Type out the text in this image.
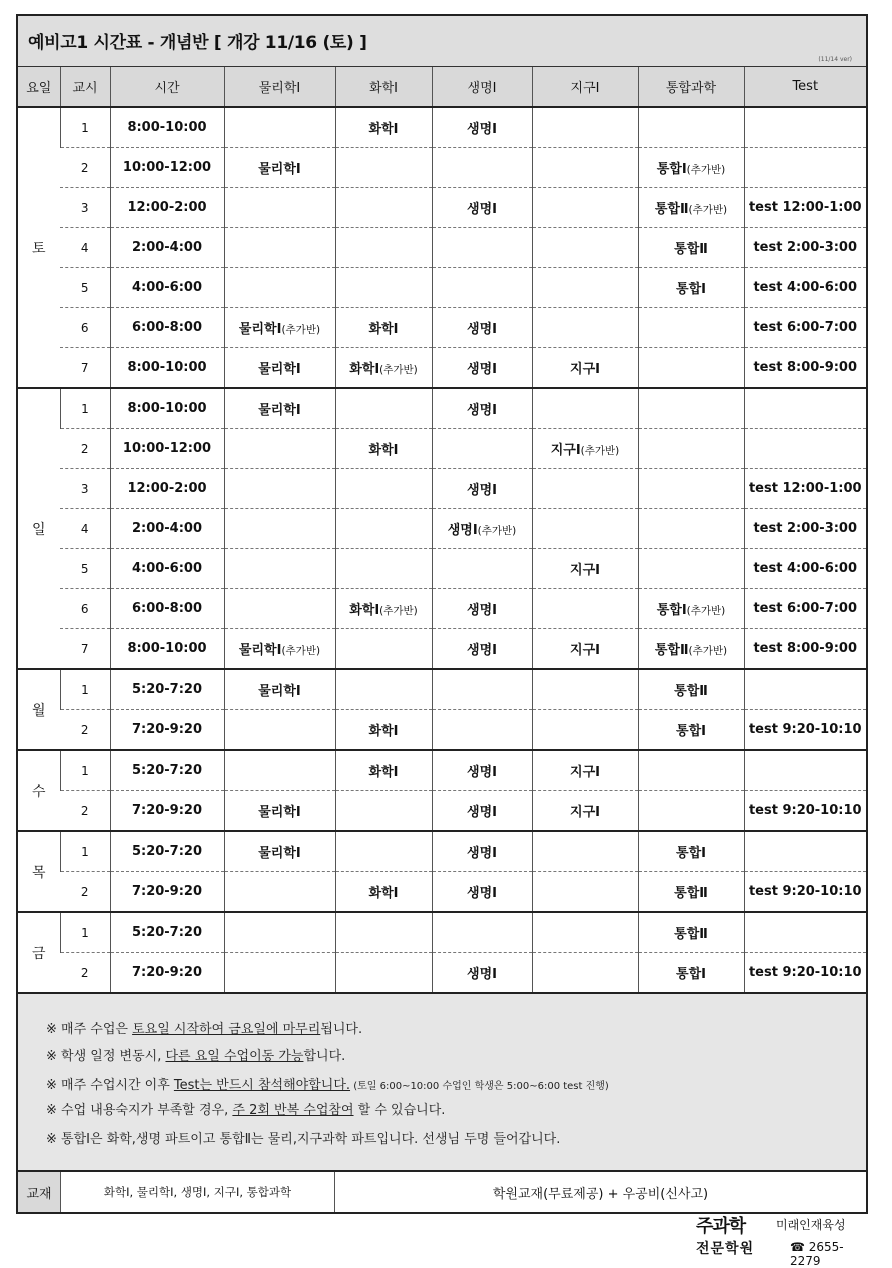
예비고1 시간표 - 개념반 [ 개강 11/16 (토) ]
(11/14 ver)
요일	교시	시간	물리학I	화학I	생명I	지구I	통합과학	Test
토	1	8:00-10:00		화학I	생명I			
	2	10:00-12:00	물리학I				통합Ⅰ(추가반)	
	3	12:00-2:00			생명I		통합Ⅱ(추가반)	test 12:00-1:00
	4	2:00-4:00					통합Ⅱ	test 2:00-3:00
	5	4:00-6:00					통합Ⅰ	test 4:00-6:00
	6	6:00-8:00	물리학I(추가반)	화학I	생명I			test 6:00-7:00
	7	8:00-10:00	물리학I	화학I(추가반)	생명I	지구I		test 8:00-9:00
일	1	8:00-10:00	물리학I		생명I			
	2	10:00-12:00		화학I		지구I(추가반)		
	3	12:00-2:00			생명I			test 12:00-1:00
	4	2:00-4:00			생명I(추가반)			test 2:00-3:00
	5	4:00-6:00				지구I		test 4:00-6:00
	6	6:00-8:00		화학I(추가반)	생명I		통합Ⅰ(추가반)	test 6:00-7:00
	7	8:00-10:00	물리학I(추가반)		생명I	지구I	통합Ⅱ(추가반)	test 8:00-9:00
월	1	5:20-7:20	물리학I				통합Ⅱ	
	2	7:20-9:20		화학I			통합Ⅰ	test 9:20-10:10
수	1	5:20-7:20		화학I	생명I	지구I		
	2	7:20-9:20	물리학I		생명I	지구I		test 9:20-10:10
목	1	5:20-7:20	물리학I		생명I		통합Ⅰ	
	2	7:20-9:20		화학I	생명I		통합Ⅱ	test 9:20-10:10
금	1	5:20-7:20					통합Ⅱ	
	2	7:20-9:20			생명I		통합Ⅰ	test 9:20-10:10
※ 매주 수업은 토요일 시작하여 금요일에 마무리됩니다.
※ 학생 일정 변동시, 다른 요일 수업이동 가능합니다.
※ 매주 수업시간 이후 Test는 반드시 참석해야합니다. (토일 6:00~10:00 수업인 학생은 5:00~6:00 test 진행)
※ 수업 내용숙지가 부족할 경우, 주 2회 반복 수업참여 할 수 있습니다.
※ 통합Ⅰ은 화학,생명 파트이고 통합Ⅱ는 물리,지구과학 파트입니다. 선생님 두명 들어갑니다.
교재	화학I, 물리학I, 생명I, 지구I, 통합과학	학원교재(무료제공) + 우공비(신사고)
주과학
전문학원
미래인재육성
☎ 2655-2279
